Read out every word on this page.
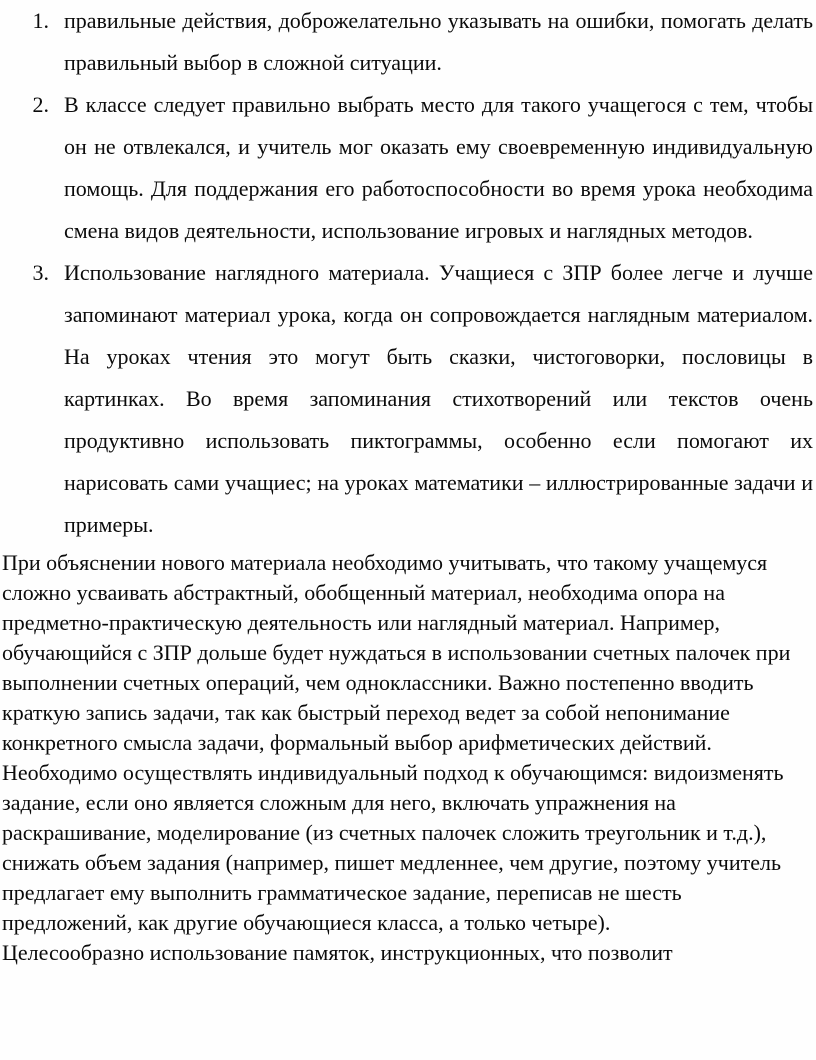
1. правильные действия, доброжелательно указывать на ошибки, помогать делать правильный выбор в сложной ситуации.
2. В классе следует правильно выбрать место для такого учащегося с тем, чтобы он не отвлекался, и учитель мог оказать ему своевременную индивидуальную помощь. Для поддержания его работоспособности во время урока необходима смена видов деятельности, использование игровых и наглядных методов.
3. Использование наглядного материала. Учащиеся с ЗПР более легче и лучше запоминают материал урока, когда он сопровождается наглядным материалом. На уроках чтения это могут быть сказки, чистоговорки, пословицы в картинках. Во время запоминания стихотворений или текстов очень продуктивно использовать пиктограммы, особенно если помогают их нарисовать сами учащиес; на уроках математики – иллюстрированные задачи и примеры.

При объяснении нового материала необходимо учитывать, что такому учащемуся сложно усваивать абстрактный, обобщенный материал, необходима опора на предметно-практическую деятельность или наглядный материал. Например, обучающийся с ЗПР дольше будет нуждаться в использовании счетных палочек при выполнении счетных операций, чем одноклассники. Важно постепенно вводить краткую запись задачи, так как быстрый переход ведет за собой непонимание конкретного смысла задачи, формальный выбор арифметических действий. Необходимо осуществлять индивидуальный подход к обучающимся: видоизменять задание, если оно является сложным для него, включать упражнения на раскрашивание, моделирование (из счетных палочек сложить треугольник и т.д.), снижать объем задания (например, пишет медленнее, чем другие, поэтому учитель предлагает ему выполнить грамматическое задание, переписав не шесть предложений, как другие обучающиеся класса, а только четыре).

Целесообразно использование памяток, инструкционных, что позволит
